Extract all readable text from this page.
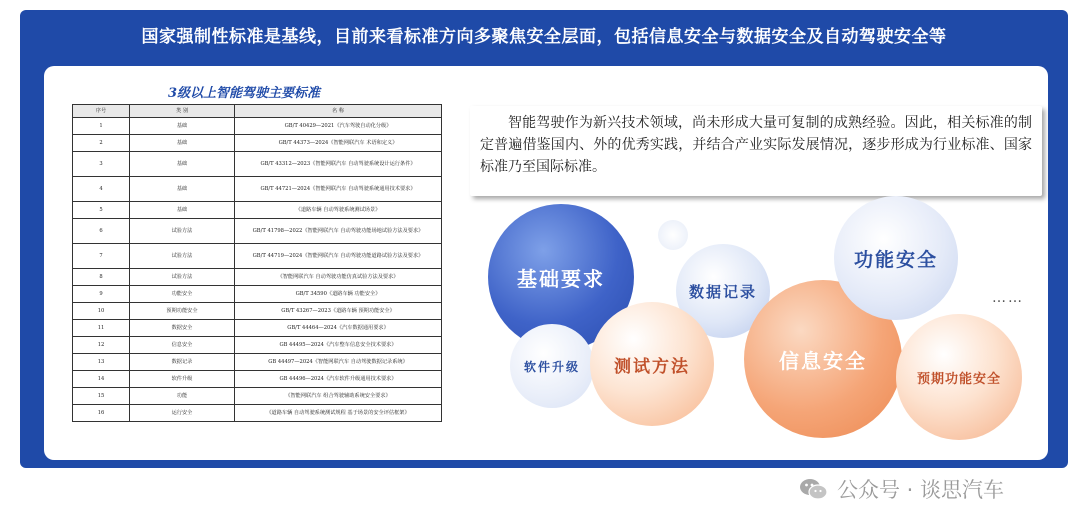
国家强制性标准是基线，目前来看标准方向多聚焦安全层面，包括信息安全与数据安全及自动驾驶安全等
3级以上智能驾驶主要标准
序号	类 别	名 称
1	基础	GB/T 40429—2021《汽车驾驶自动化分级》
2	基础	GB/T 44373—2024《智能网联汽车 术语和定义》
3	基础	GB/T 43312—2023《智能网联汽车 自动驾驶系统设计运行条件》
4	基础	GB/T 44721—2024《智能网联汽车 自动驾驶系统通用技术要求》
5	基础	《道路车辆 自动驾驶系统测试场景》
6	试验方法	GB/T 41798—2022《智能网联汽车 自动驾驶功能场地试验方法及要求》
7	试验方法	GB/T 44719—2024《智能网联汽车 自动驾驶功能道路试验方法及要求》
8	试验方法	《智能网联汽车 自动驾驶功能仿真试验方法及要求》
9	功能安全	GB/T 34590《道路车辆 功能安全》
10	预期功能安全	GB/T 43267—2023《道路车辆 预期功能安全》
11	数据安全	GB/T 44464—2024《汽车数据通用要求》
12	信息安全	GB 44495—2024《汽车整车信息安全技术要求》
13	数据记录	GB 44497—2024《智能网联汽车 自动驾驶数据记录系统》
14	软件升级	GB 44496—2024《汽车软件升级通用技术要求》
15	功能	《智能网联汽车 组合驾驶辅助系统安全要求》
16	运行安全	《道路车辆 自动驾驶系统测试规程 基于场景的安全评估框架》

智能驾驶作为新兴技术领域，尚未形成大量可复制的成熟经验。因此，相关标准的制定普遍借鉴国内、外的优秀实践，并结合产业实际发展情况，逐步形成为行业标准、国家标准乃至国际标准。

基础要求
软件升级
数据记录
测试方法	信息安全
功能安全
预期功能安全
……
公众号 · 谈思汽车
